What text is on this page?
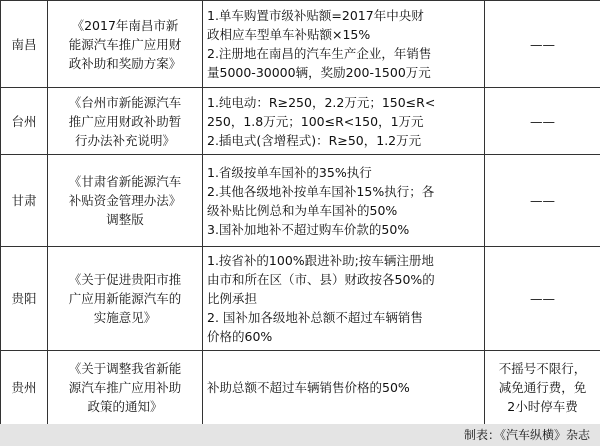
南昌	《2017年南昌市新
能源汽车推广应用财
政补助和奖励方案》	1.单车购置市级补贴额=2017年中央财
政相应车型单车补贴额×15%
2.注册地在南昌的汽车生产企业，年销售
量5000-30000辆，奖励200-1500万元	——

台州	《台州市新能源汽车
推广应用财政补助暂
行办法补充说明》	1.纯电动：R≥250，2.2万元；150≤R<
250，1.8万元；100≤R<150，1万元
2.插电式(含增程式)：R≥50，1.2万元	——

甘肃	《甘肃省新能源汽车
补贴资金管理办法》
调整版	1.省级按单车国补的35%执行
2.其他各级地补按单车国补15%执行；各
级补贴比例总和为单车国补的50%
3.国补加地补不超过购车价款的50%	——

贵阳	《关于促进贵阳市推
广应用新能源汽车的
实施意见》	1.按省补的100%跟进补助;按车辆注册地
由市和所在区（市、县）财政按各50%的
比例承担
2. 国补加各级地补总额不超过车辆销售
价格的60%	——

贵州	《关于调整我省新能
源汽车推广应用补助
政策的通知》	补助总额不超过车辆销售价格的50%	不摇号不限行，
减免通行费，免
2小时停车费
制表：《汽车纵横》杂志
